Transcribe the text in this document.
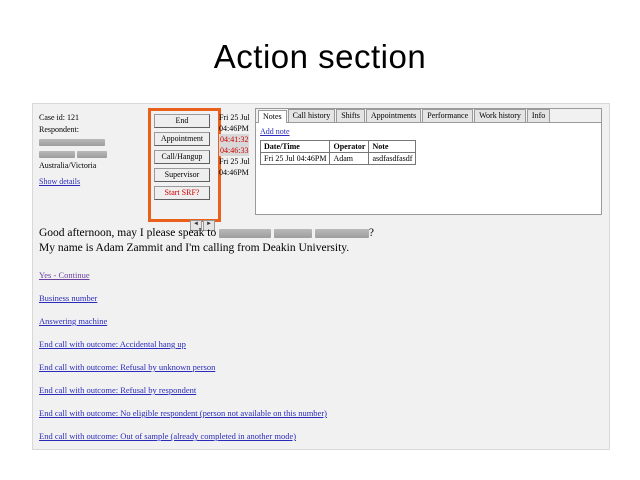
Action section
Case id: 121
Respondent:

Australia/Victoria
Show details
End
Appointment
Call/Hangup
Supervisor
Start SRF?
◄	►
Fri 25 Jul
04:46PM
04:41:32
04:46:33
Fri 25 Jul
04:46PM
Notes	Call history	Shifts	Appointments	Performance	Work history	Info
Add note
Date/Time	Operator	Note
Fri 25 Jul 04:46PM	Adam	asdfasdfasdf
Good afternoon, may I please speak to	?
My name is Adam Zammit and I'm calling from Deakin University.
Yes - Continue
Business number
Answering machine
End call with outcome: Accidental hang up
End call with outcome: Refusal by unknown person
End call with outcome: Refusal by respondent
End call with outcome: No eligible respondent (person not available on this number)
End call with outcome: Out of sample (already completed in another mode)
